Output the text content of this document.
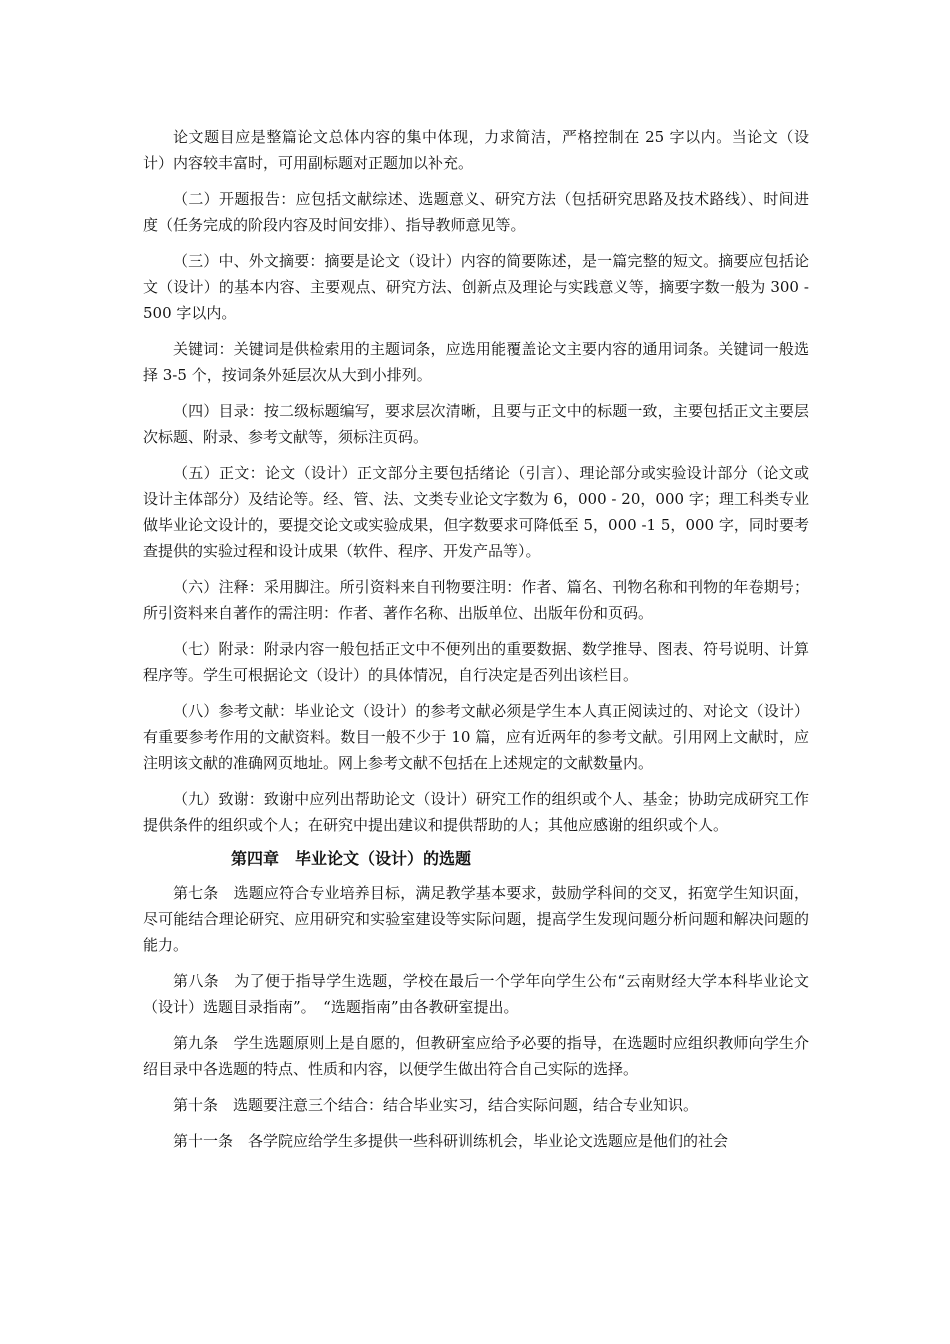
论文题目应是整篇论文总体内容的集中体现，力求简洁，严格控制在 25 字以内。当论文（设计）内容较丰富时，可用副标题对正题加以补充。

（二）开题报告：应包括文献综述、选题意义、研究方法（包括研究思路及技术路线）、时间进度（任务完成的阶段内容及时间安排）、指导教师意见等。

（三）中、外文摘要：摘要是论文（设计）内容的简要陈述，是一篇完整的短文。摘要应包括论文（设计）的基本内容、主要观点、研究方法、创新点及理论与实践意义等，摘要字数一般为 300 - 500 字以内。

关键词：关键词是供检索用的主题词条，应选用能覆盖论文主要内容的通用词条。关键词一般选择 3-5 个，按词条外延层次从大到小排列。

（四）目录：按二级标题编写，要求层次清晰，且要与正文中的标题一致，主要包括正文主要层次标题、附录、参考文献等，须标注页码。

（五）正文：论文（设计）正文部分主要包括绪论（引言）、理论部分或实验设计部分（论文或设计主体部分）及结论等。经、管、法、文类专业论文字数为 6，000 - 20，000 字；理工科类专业做毕业论文设计的，要提交论文或实验成果，但字数要求可降低至 5，000 -1 5，000 字，同时要考查提供的实验过程和设计成果（软件、程序、开发产品等）。

（六）注释：采用脚注。所引资料来自刊物要注明：作者、篇名、刊物名称和刊物的年卷期号；所引资料来自著作的需注明：作者、著作名称、出版单位、出版年份和页码。

（七）附录：附录内容一般包括正文中不便列出的重要数据、数学推导、图表、符号说明、计算程序等。学生可根据论文（设计）的具体情况，自行决定是否列出该栏目。

（八）参考文献：毕业论文（设计）的参考文献必须是学生本人真正阅读过的、对论文（设计）有重要参考作用的文献资料。数目一般不少于 10 篇，应有近两年的参考文献。引用网上文献时，应注明该文献的准确网页地址。网上参考文献不包括在上述规定的文献数量内。

（九）致谢：致谢中应列出帮助论文（设计）研究工作的组织或个人、基金；协助完成研究工作提供条件的组织或个人；在研究中提出建议和提供帮助的人；其他应感谢的组织或个人。

第四章　毕业论文（设计）的选题

第七条　选题应符合专业培养目标，满足教学基本要求，鼓励学科间的交叉，拓宽学生知识面，尽可能结合理论研究、应用研究和实验室建设等实际问题，提高学生发现问题分析问题和解决问题的能力。

第八条　为了便于指导学生选题，学校在最后一个学年向学生公布“云南财经大学本科毕业论文（设计）选题目录指南”。　“选题指南”由各教研室提出。

第九条　学生选题原则上是自愿的，但教研室应给予必要的指导，在选题时应组织教师向学生介绍目录中各选题的特点、性质和内容，以便学生做出符合自己实际的选择。

第十条　选题要注意三个结合：结合毕业实习，结合实际问题，结合专业知识。

第十一条　各学院应给学生多提供一些科研训练机会，毕业论文选题应是他们的社会
